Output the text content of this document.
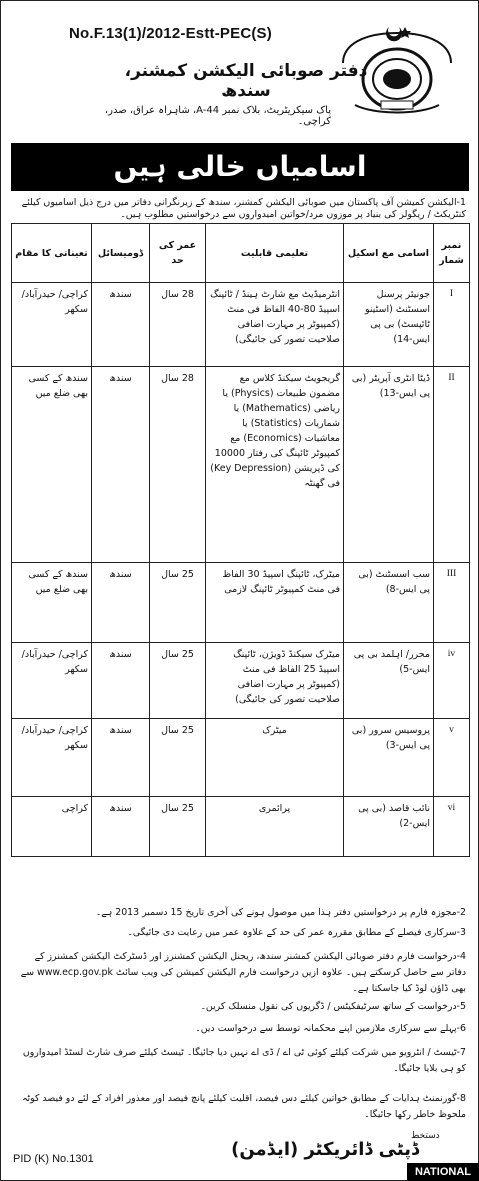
No.F.13(1)/2012-Estt-PEC(S)
دفتر صوبائی الیکشن کمشنر، سندھ
پاک سیکریٹریٹ، بلاک نمبر A-44، شاہراہ عراق، صدر، کراچی۔
اسامیاں خالی ہیں
1-الیکشن کمیشن آف پاکستان میں صوبائی الیکشن کمشنر، سندھ کے زیرنگرانی دفاتر میں درج ذیل اسامیوں کیلئے کنٹریکٹ / ریگولر کی بنیاد پر موزوں مرد/خواتین امیدواروں سے درخواستیں مطلوب ہیں۔
نمبر شمار	اسامی مع اسکیل	تعلیمی قابلیت	عمر کی حد	ڈومیسائل	تعیناتی کا مقام
I	جونیئر پرسنل اسسٹنٹ (اسٹینو ٹائپسٹ) بی پی ایس-14)	انٹرمیڈیٹ مع شارٹ ہینڈ / ٹائپنگ اسپیڈ 80-40 الفاظ فی منٹ (کمپیوٹر پر مہارت اضافی صلاحیت تصور کی جائیگی)	28 سال	سندھ	کراچی/ حیدرآباد/ سکھر
II	ڈیٹا انٹری آپریٹر (بی پی ایس-13)	گریجویٹ سیکنڈ کلاس مع مضمون طبیعات (Physics) یا ریاضی (Mathematics) یا شماریات (Statistics) یا معاشیات (Economics) مع کمپیوٹر ٹائپنگ کی رفتار 10000 کی ڈپریشن (Key Depression) فی گھنٹہ	28 سال	سندھ	سندھ کے کسی بھی ضلع میں
III	سب اسسٹنٹ (بی پی ایس-8)	میٹرک، ٹائپنگ اسپیڈ 30 الفاظ فی منٹ کمپیوٹر ٹائپنگ لازمی	25 سال	سندھ	سندھ کے کسی بھی ضلع میں
iv	محرر/ اہلمد بی پی ایس-5)	میٹرک سیکنڈ ڈویژن، ٹائپنگ اسپیڈ 25 الفاظ فی منٹ (کمپیوٹر پر مہارت اضافی صلاحیت تصور کی جائیگی)	25 سال	سندھ	کراچی/ حیدرآباد/ سکھر
v	پروسیس سرور (بی پی ایس-3)	میٹرک	25 سال	سندھ	کراچی/ حیدرآباد/ سکھر
vi	نائب قاصد (بی پی ایس-2)	پرائمری	25 سال	سندھ	کراچی
2-مجوزہ فارم پر درخواستیں دفتر ہذا میں موصول ہونے کی آخری تاریخ 15 دسمبر 2013 ہے۔
3-سرکاری فیصلے کے مطابق مقررہ عمر کی حد کے علاوہ عمر میں رعایت دی جائیگی۔
4-درخواست فارم دفتر صوبائی الیکشن کمشنر سندھ، ریجنل الیکشن کمشنرز اور ڈسٹرکٹ الیکشن کمشنرز کے دفاتر سے حاصل کرسکتے ہیں۔ علاوہ ازیں درخواست فارم الیکشن کمیشن کی ویب سائٹ www.ecp.gov.pk سے بھی ڈاؤن لوڈ کیا جاسکتا ہے۔
5-درخواست کے ساتھ سرٹیفکیٹس / ڈگریوں کی نقول منسلک کریں۔
6-پہلے سے سرکاری ملازمین اپنے محکمانہ توسط سے درخواست دیں۔
7-ٹیسٹ / انٹرویو میں شرکت کیلئے کوئی ٹی اے / ڈی اے نہیں دیا جائیگا۔ ٹیسٹ کیلئے صرف شارٹ لسٹڈ امیدواروں کو ہی بلایا جائیگا۔
8-گورنمنٹ ہدایات کے مطابق خواتین کیلئے دس فیصد، اقلیت کیلئے پانچ فیصد اور معذور افراد کے لئے دو فیصد کوٹہ ملحوظ خاطر رکھا جائیگا۔
دستخط
ڈپٹی ڈائریکٹر (ایڈمن)
PID (K) No.1301
NATIONAL
